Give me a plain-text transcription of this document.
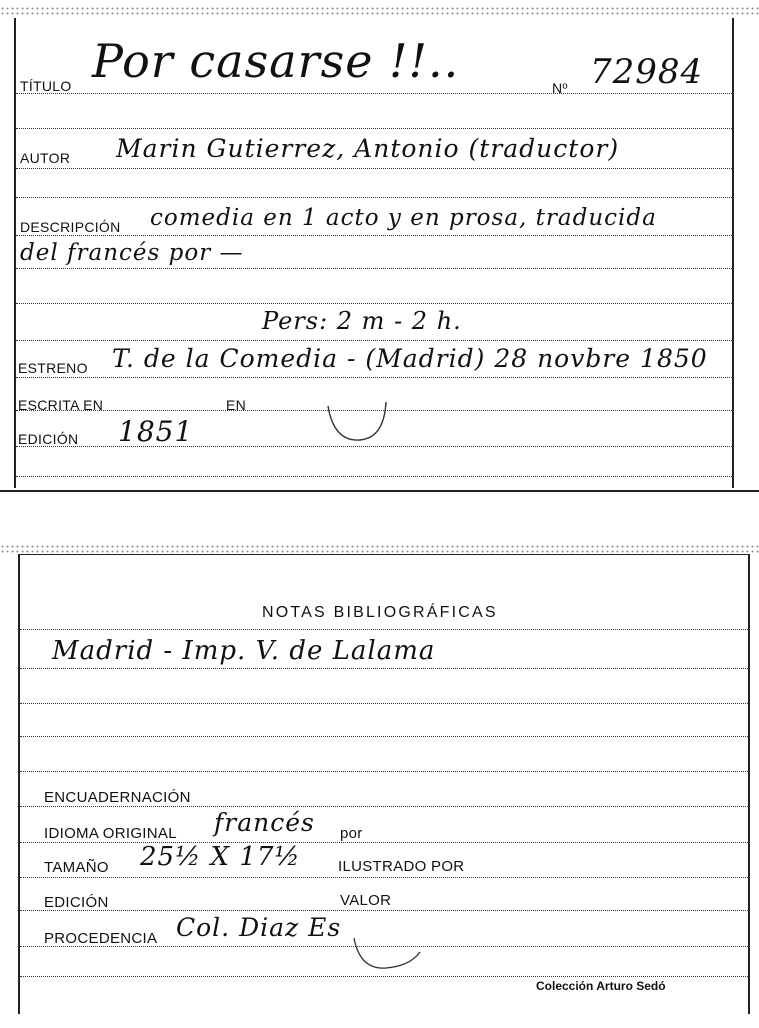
TÍTULO Por casarse !!..	Nº 72984
AUTOR Marin Gutierrez, Antonio (traductor)
DESCRIPCIÓN comedia en 1 acto y en prosa, traducida
del francés por —
Pers: 2 m - 2 h.
ESTRENO T. de la Comedia - (Madrid) 28 novbre 1850
ESCRITA EN	EN
EDICIÓN 1851
NOTAS BIBLIOGRÁFICAS
Madrid - Imp. V. de Lalama
ENCUADERNACIÓN
IDIOMA ORIGINAL francés por
TAMAÑO 25½ X 17½ ILUSTRADO POR
EDICIÓN	VALOR
PROCEDENCIA Col. Diaz Es
Colección Arturo Sedó
